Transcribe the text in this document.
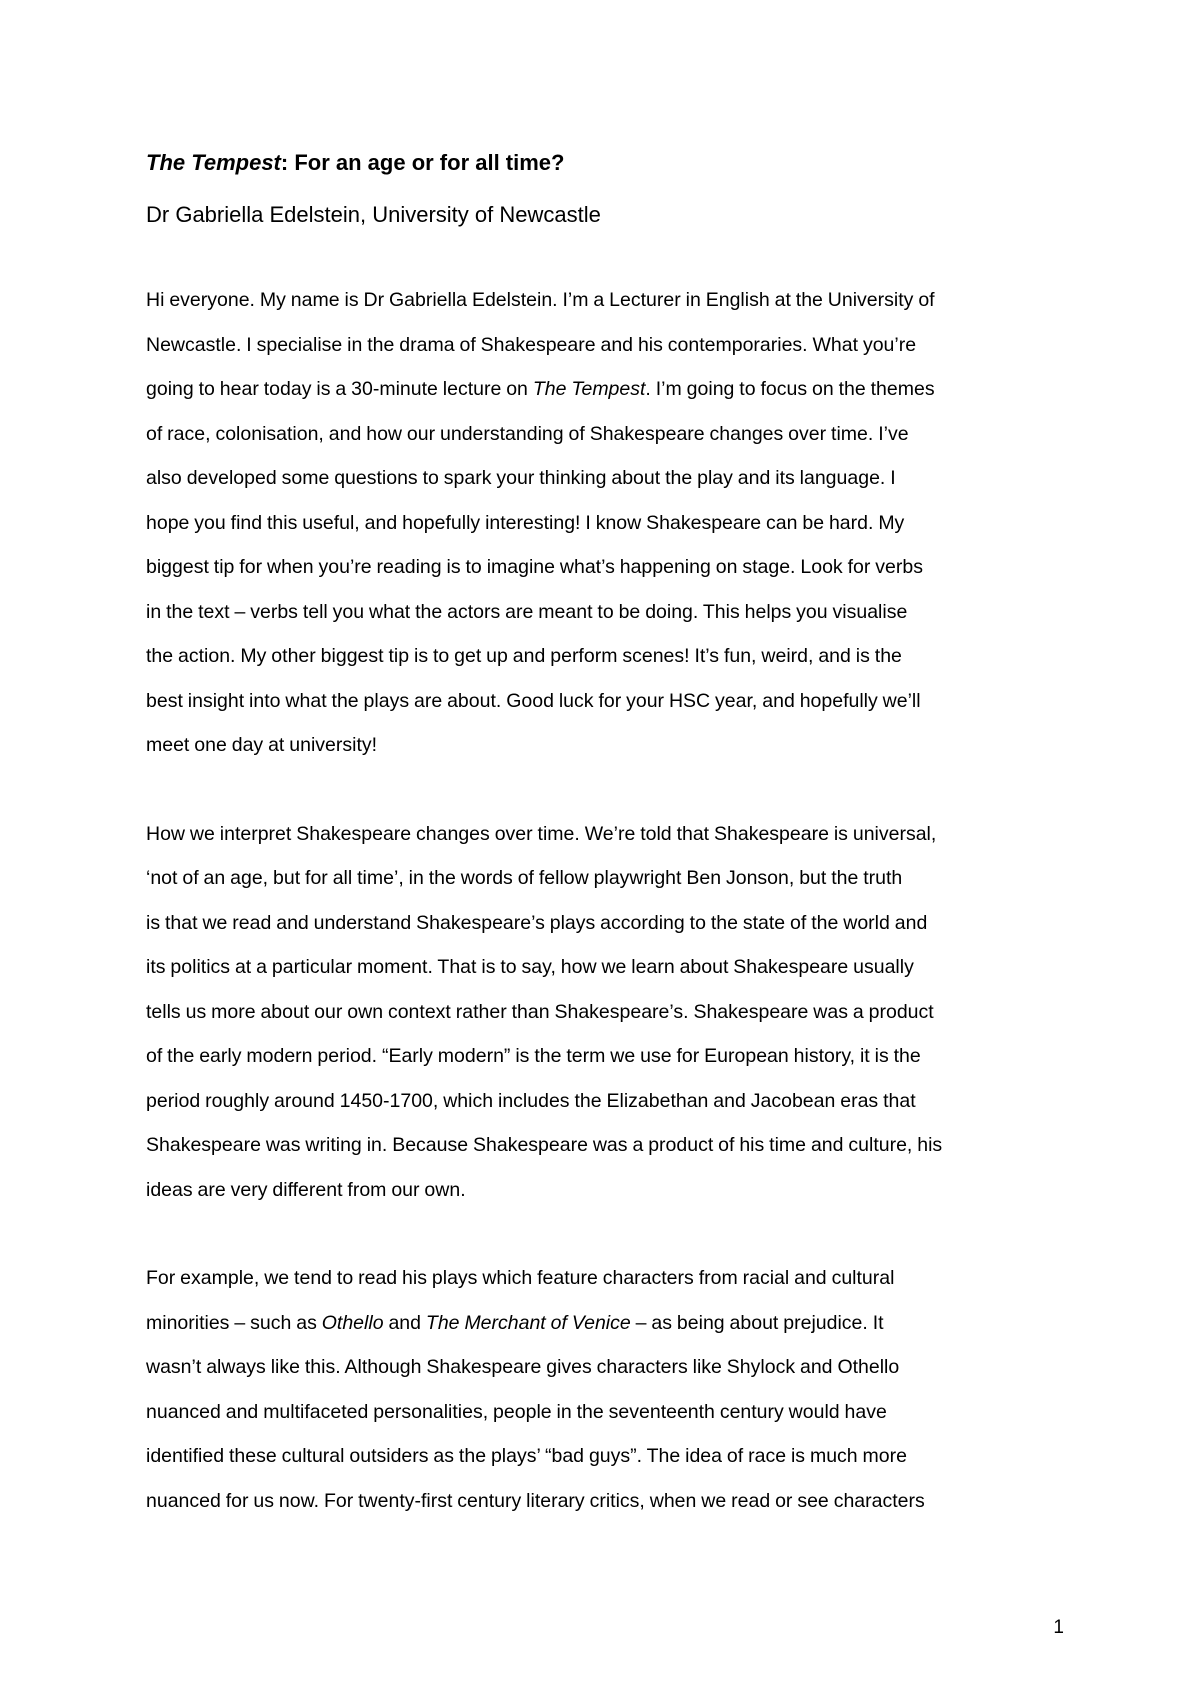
The Tempest: For an age or for all time?

Dr Gabriella Edelstein, University of Newcastle

Hi everyone. My name is Dr Gabriella Edelstein. I’m a Lecturer in English at the University of
Newcastle. I specialise in the drama of Shakespeare and his contemporaries. What you’re
going to hear today is a 30-minute lecture on The Tempest. I’m going to focus on the themes
of race, colonisation, and how our understanding of Shakespeare changes over time. I’ve
also developed some questions to spark your thinking about the play and its language. I
hope you find this useful, and hopefully interesting! I know Shakespeare can be hard. My
biggest tip for when you’re reading is to imagine what’s happening on stage. Look for verbs
in the text – verbs tell you what the actors are meant to be doing. This helps you visualise
the action. My other biggest tip is to get up and perform scenes! It’s fun, weird, and is the
best insight into what the plays are about. Good luck for your HSC year, and hopefully we’ll
meet one day at university!

How we interpret Shakespeare changes over time. We’re told that Shakespeare is universal,
‘not of an age, but for all time’, in the words of fellow playwright Ben Jonson, but the truth
is that we read and understand Shakespeare’s plays according to the state of the world and
its politics at a particular moment. That is to say, how we learn about Shakespeare usually
tells us more about our own context rather than Shakespeare’s. Shakespeare was a product
of the early modern period. “Early modern” is the term we use for European history, it is the
period roughly around 1450-1700, which includes the Elizabethan and Jacobean eras that
Shakespeare was writing in. Because Shakespeare was a product of his time and culture, his
ideas are very different from our own.

For example, we tend to read his plays which feature characters from racial and cultural
minorities – such as Othello and The Merchant of Venice – as being about prejudice. It
wasn’t always like this. Although Shakespeare gives characters like Shylock and Othello
nuanced and multifaceted personalities, people in the seventeenth century would have
identified these cultural outsiders as the plays’ “bad guys”. The idea of race is much more
nuanced for us now. For twenty-first century literary critics, when we read or see characters

1
